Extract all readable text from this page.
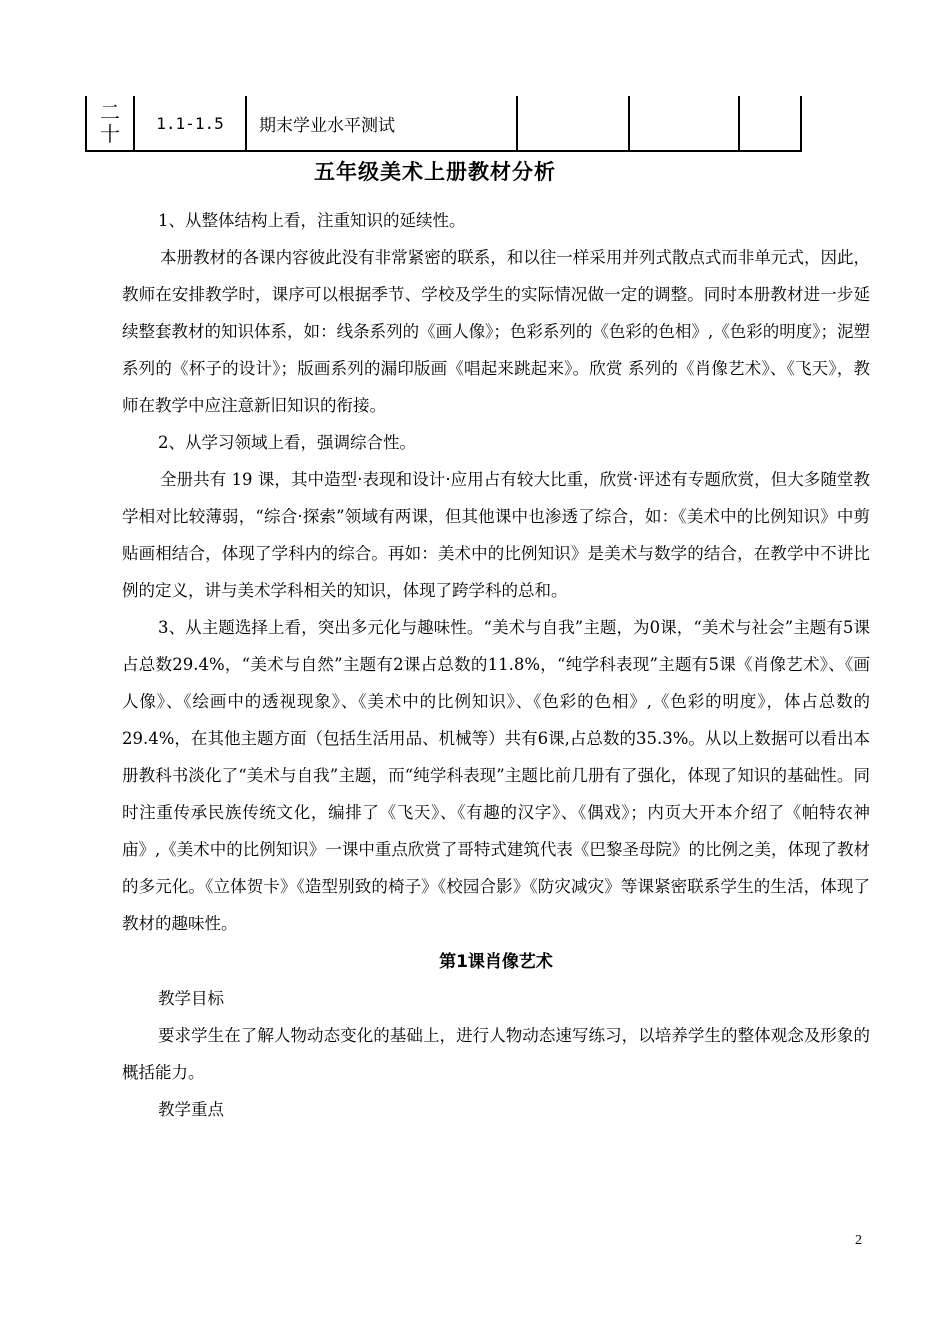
二十	1.1-1.5	期末学业水平测试			
五年级美术上册教材分析

1、从整体结构上看，注重知识的延续性。

本册教材的各课内容彼此没有非常紧密的联系，和以往一样采用并列式散点式而非单元式，因此，教师在安排教学时，课序可以根据季节、学校及学生的实际情况做一定的调整。同时本册教材进一步延续整套教材的知识体系，如：线条系列的《画人像》；色彩系列的《色彩的色相》,《色彩的明度》；泥塑系列的《杯子的设计》；版画系列的漏印版画《唱起来跳起来》。欣赏 系列的《肖像艺术》、《飞天》，教师在教学中应注意新旧知识的衔接。

2、从学习领域上看，强调综合性。

全册共有 19 课，其中造型·表现和设计·应用占有较大比重，欣赏·评述有专题欣赏，但大多随堂教学相对比较薄弱，“综合·探索”领域有两课，但其他课中也渗透了综合，如：《美术中的比例知识》中剪贴画相结合，体现了学科内的综合。再如：美术中的比例知识》是美术与数学的结合，在教学中不讲比例的定义，讲与美术学科相关的知识，体现了跨学科的总和。

3、从主题选择上看，突出多元化与趣味性。“美术与自我”主题，为0课，“美术与社会”主题有5课占总数29.4%，“美术与自然”主题有2课占总数的11.8%，“纯学科表现”主题有5课《肖像艺术》、《画人像》、《绘画中的透视现象》、《美术中的比例知识》、《色彩的色相》,《色彩的明度》，体占总数的29.4%，在其他主题方面（包括生活用品、机械等）共有6课,占总数的35.3%。从以上数据可以看出本册教科书淡化了“美术与自我”主题，而“纯学科表现”主题比前几册有了强化，体现了知识的基础性。同时注重传承民族传统文化，编排了《飞天》、《有趣的汉字》、《偶戏》；内页大开本介绍了《帕特农神庙》,《美术中的比例知识》一课中重点欣赏了哥特式建筑代表《巴黎圣母院》的比例之美，体现了教材的多元化。《立体贺卡》《造型别致的椅子》《校园合影》《防灾减灾》等课紧密联系学生的生活，体现了教材的趣味性。

第1课肖像艺术

教学目标

要求学生在了解人物动态变化的基础上，进行人物动态速写练习，以培养学生的整体观念及形象的概括能力。

教学重点

2
